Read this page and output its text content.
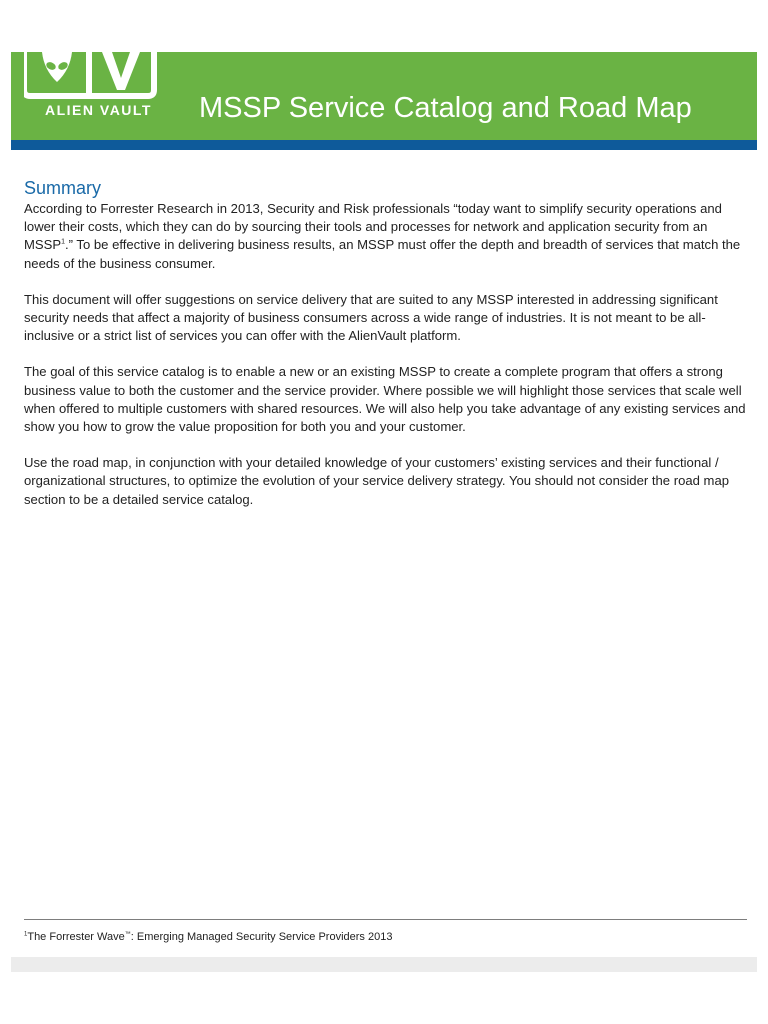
ALIEN VAULT MSSP Service Catalog and Road Map
Summary

According to Forrester Research in 2013, Security and Risk professionals “today want to simplify security operations and lower their costs, which they can do by sourcing their tools and processes for network and application security from an MSSP$^1$.” To be effective in delivering business results, an MSSP must offer the depth and breadth of services that match the needs of the business consumer.

This document will offer suggestions on service delivery that are suited to any MSSP interested in addressing significant security needs that affect a majority of business consumers across a wide range of industries. It is not meant to be all-inclusive or a strict list of services you can offer with the AlienVault platform.

The goal of this service catalog is to enable a new or an existing MSSP to create a complete program that offers a strong business value to both the customer and the service provider. Where possible we will highlight those services that scale well when offered to multiple customers with shared resources. We will also help you take advantage of any existing services and show you how to grow the value proposition for both you and your customer.

Use the road map, in conjunction with your detailed knowledge of your customers’ existing services and their functional / organizational structures, to optimize the evolution of your service delivery strategy. You should not consider the road map section to be a detailed service catalog.

$^1$The Forrester Wave™: Emerging Managed Security Service Providers 2013
